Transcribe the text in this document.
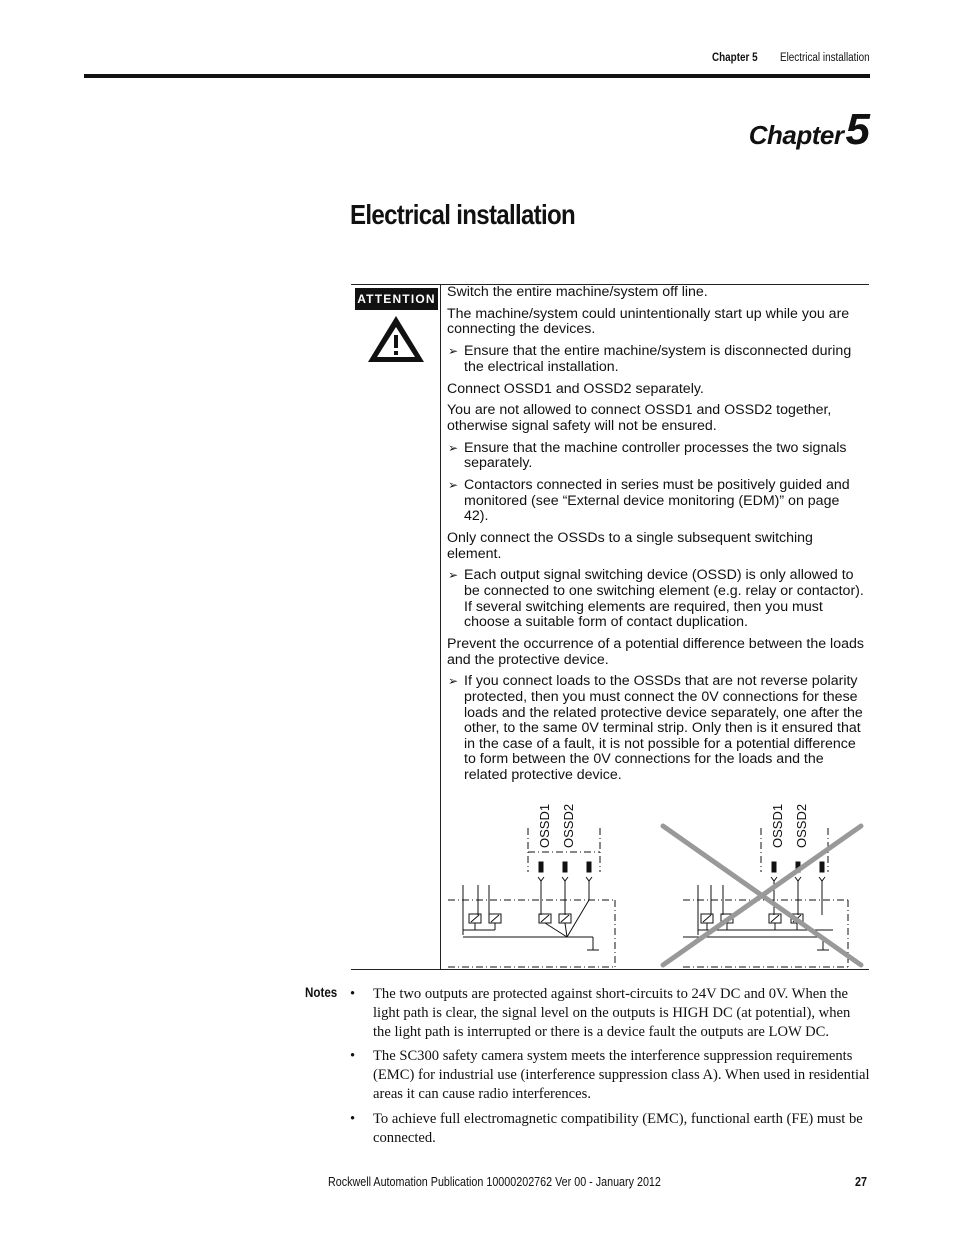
Chapter 5 Electrical installation
Chapter5
Electrical installation
ATTENTION Switch the entire machine/system off line.

The machine/system could unintentionally start up while you are connecting the devices.

➢ Ensure that the entire machine/system is disconnected during the electrical installation.

Connect OSSD1 and OSSD2 separately.

You are not allowed to connect OSSD1 and OSSD2 together, otherwise signal safety will not be ensured.

➢ Ensure that the machine controller processes the two signals separately.
➢ Contactors connected in series must be positively guided and monitored (see “External device monitoring (EDM)” on page 42).

Only connect the OSSDs to a single subsequent switching element.

➢ Each output signal switching device (OSSD) is only allowed to be connected to one switching element (e.g. relay or contactor). If several switching elements are required, then you must choose a suitable form of contact duplication.

Prevent the occurrence of a potential difference between the loads and the protective device.

➢ If you connect loads to the OSSDs that are not reverse polarity protected, then you must connect the 0V connections for these loads and the related protective device separately, one after the other, to the same 0V terminal strip. Only then is it ensured that in the case of a fault, it is not possible for a potential difference to form between the 0V connections for the loads and the related protective device.
OSSD1 OSSD2	OSSD1 OSSD2
Notes • The two outputs are protected against short-circuits to 24V DC and 0V. When the light path is clear, the signal level on the outputs is HIGH DC (at potential), when the light path is interrupted or there is a device fault the outputs are LOW DC.
• The SC300 safety camera system meets the interference suppression requirements (EMC) for industrial use (interference suppression class A). When used in residential areas it can cause radio interferences.
• To achieve full electromagnetic compatibility (EMC), functional earth (FE) must be connected.
Rockwell Automation Publication 10000202762 Ver 00 - January 2012	27
